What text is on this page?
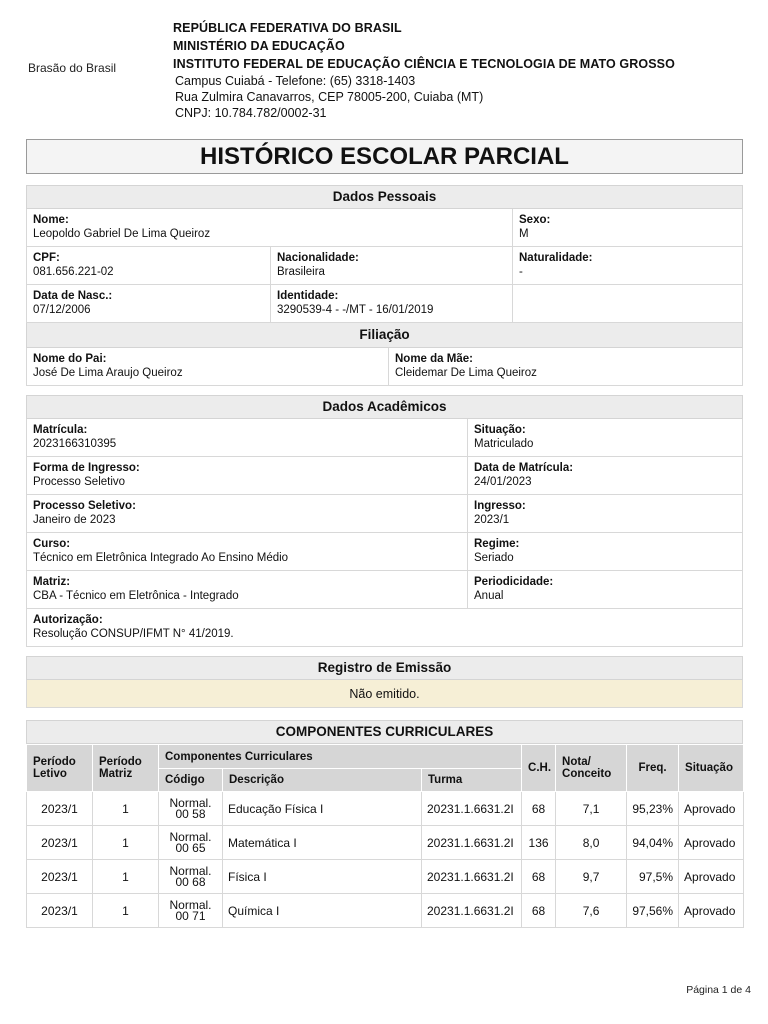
Brasão do Brasil
REPÚBLICA FEDERATIVA DO BRASIL
MINISTÉRIO DA EDUCAÇÃO
INSTITUTO FEDERAL DE EDUCAÇÃO CIÊNCIA E TECNOLOGIA DE MATO GROSSO
Campus Cuiabá - Telefone: (65) 3318-1403
Rua Zulmira Canavarros, CEP 78005-200, Cuiaba (MT)
CNPJ: 10.784.782/0002-31
HISTÓRICO ESCOLAR PARCIAL
Dados Pessoais
Nome:
Leopoldo Gabriel De Lima Queiroz
Sexo:
M
CPF:
081.656.221-02
Nacionalidade:
Brasileira
Naturalidade:
-
Data de Nasc.:
07/12/2006
Identidade:
3290539-4 - -/MT - 16/01/2019
Filiação
Nome do Pai:
José De Lima Araujo Queiroz
Nome da Mãe:
Cleidemar De Lima Queiroz
Dados Acadêmicos
Matrícula:
2023166310395
Situação:
Matriculado
Forma de Ingresso:
Processo Seletivo
Data de Matrícula:
24/01/2023
Processo Seletivo:
Janeiro de 2023
Ingresso:
2023/1
Curso:
Técnico em Eletrônica Integrado Ao Ensino Médio
Regime:
Seriado
Matriz:
CBA - Técnico em Eletrônica - Integrado
Periodicidade:
Anual
Autorização:
Resolução CONSUP/IFMT N° 41/2019.
Registro de Emissão
Não emitido.
COMPONENTES CURRICULARES
Período Letivo	Período Matriz	Componentes Curriculares			C.H.	Nota/ Conceito	Freq.	Situação
		Código	Descrição	Turma				
2023/1	1	Normal.
00 58	Educação Física I	20231.1.6631.2I	68	7,1	95,23%	Aprovado
2023/1	1	Normal.
00 65	Matemática I	20231.1.6631.2I	136	8,0	94,04%	Aprovado
2023/1	1	Normal.
00 68	Física I	20231.1.6631.2I	68	9,7	97,5%	Aprovado
2023/1	1	Normal.
00 71	Química I	20231.1.6631.2I	68	7,6	97,56%	Aprovado
Página 1 de 4
